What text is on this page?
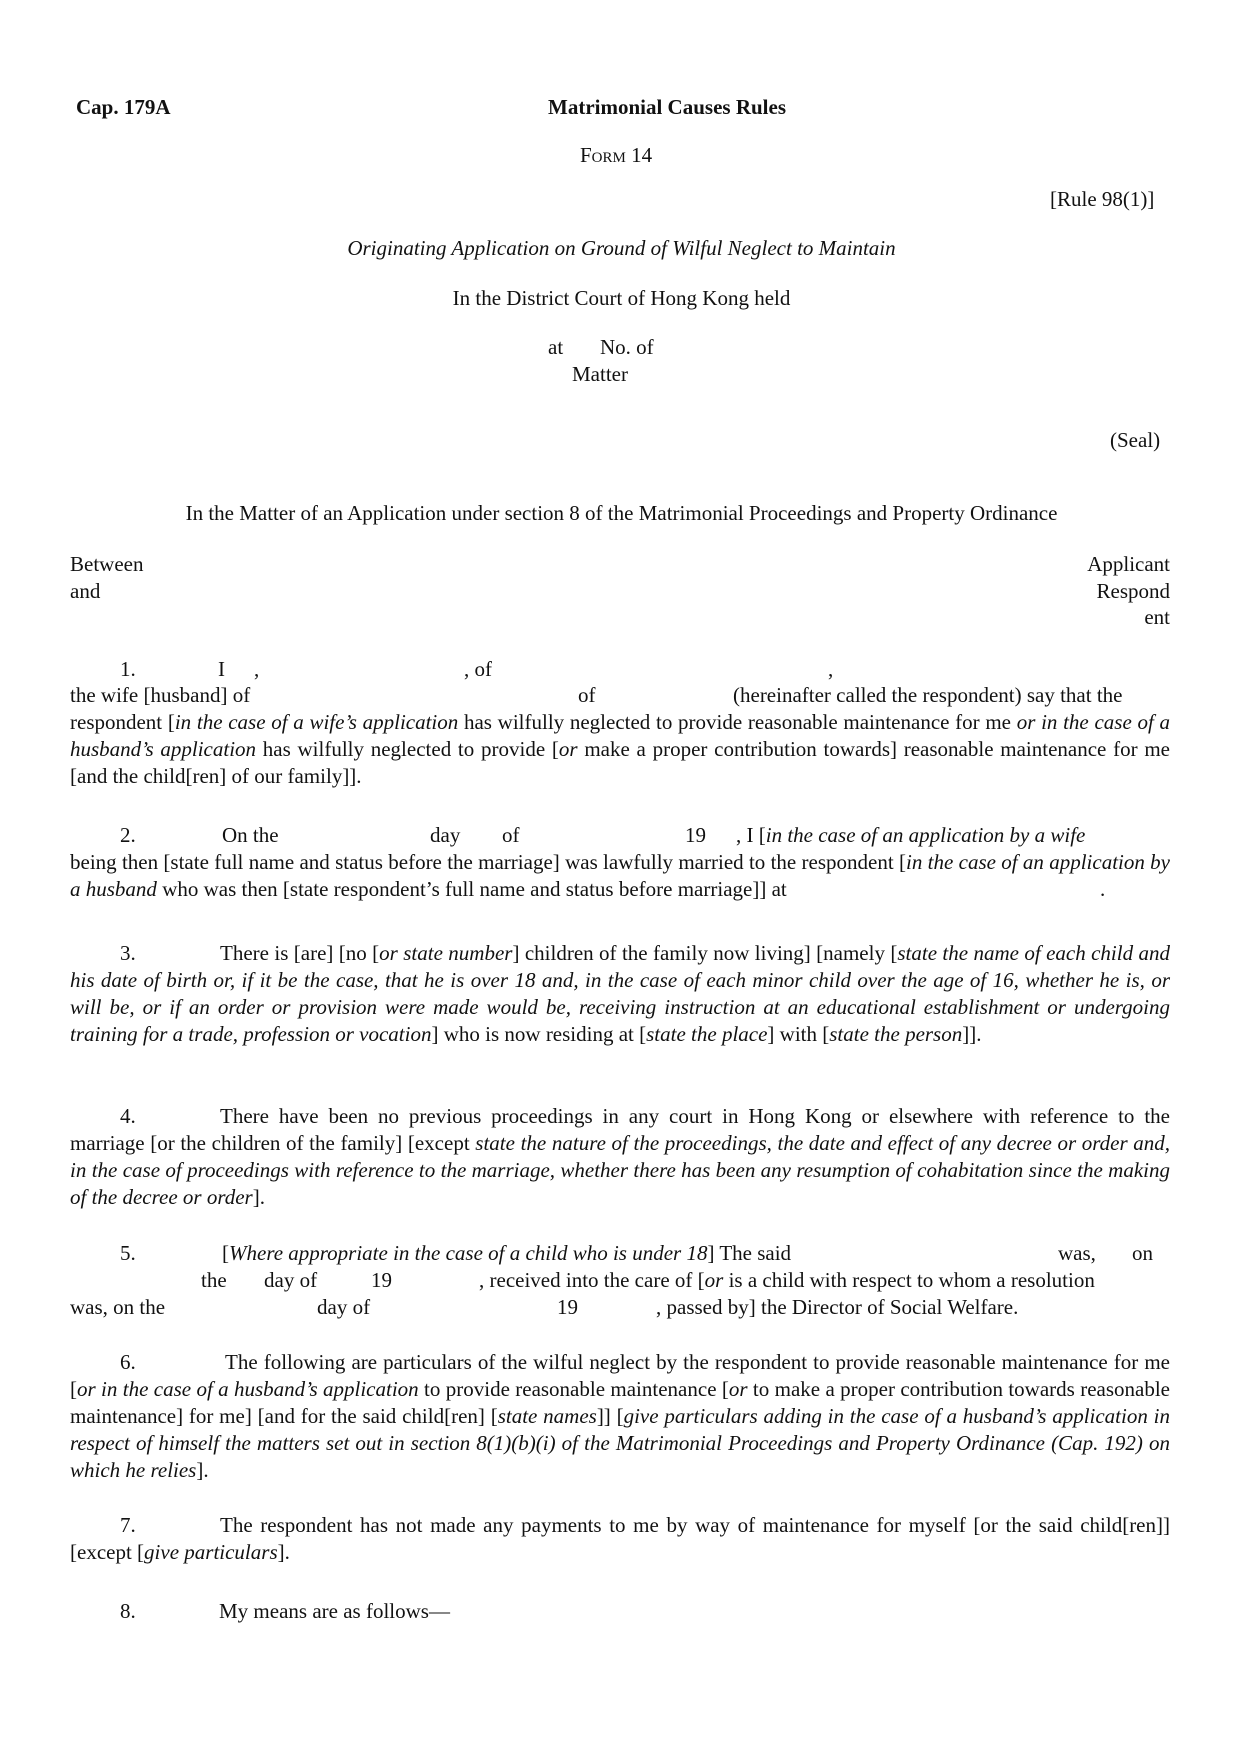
Cap. 179A	Matrimonial Causes Rules
Form 14
[Rule 98(1)]
Originating Application on Ground of Wilful Neglect to Maintain
In the District Court of Hong Kong held
at No. of
Matter
(Seal)
In the Matter of an Application under section 8 of the Matrimonial Proceedings and Property Ordinance
Between
and
Applicant
Respond
ent
1.	I ,	, of	,
the wife [husband] of	of	(hereinafter called the respondent) say that the

respondent [in the case of a wife’s application has wilfully neglected to provide reasonable maintenance for me or in the case of a husband’s application has wilfully neglected to provide [or make a proper contribution towards] reasonable maintenance for me [and the child[ren] of our family]].

2.	On the	day of	19 , I [in the case of an application by a wife

being then [state full name and status before the marriage] was lawfully married to the respondent [in the case of an application by a husband who was then [state respondent’s full name and status before marriage]] at	.
3.	There is [are] [no [or state number] children of the family now living] [namely [state the name of each child and his date of birth or, if it be the case, that he is over 18 and, in the case of each minor child over the age of 16, whether he is, or will be, or if an order or provision were made would be, receiving instruction at an educational establishment or undergoing training for a trade, profession or vocation] who is now residing at [state the place] with [state the person]].

4.	There have been no previous proceedings in any court in Hong Kong or elsewhere with reference to the marriage [or the children of the family] [except state the nature of the proceedings, the date and effect of any decree or order and, in the case of proceedings with reference to the marriage, whether there has been any resumption of cohabitation since the making of the decree or order].

5.	[Where appropriate in the case of a child who is under 18] The said	was, on
the day of	19	, received into the care of [or is a child with respect to whom a resolution
was, on the	day of	19	, passed by] the Director of Social Welfare.
6.	The following are particulars of the wilful neglect by the respondent to provide reasonable maintenance for me [or in the case of a husband’s application to provide reasonable maintenance [or to make a proper contribution towards reasonable maintenance] for me] [and for the said child[ren] [state names]] [give particulars adding in the case of a husband’s application in respect of himself the matters set out in section 8(1)(b)(i) of the Matrimonial Proceedings and Property Ordinance (Cap. 192) on which he relies].

7.	The respondent has not made any payments to me by way of maintenance for myself [or the said child[ren]] [except [give particulars].

8.	My means are as follows—
